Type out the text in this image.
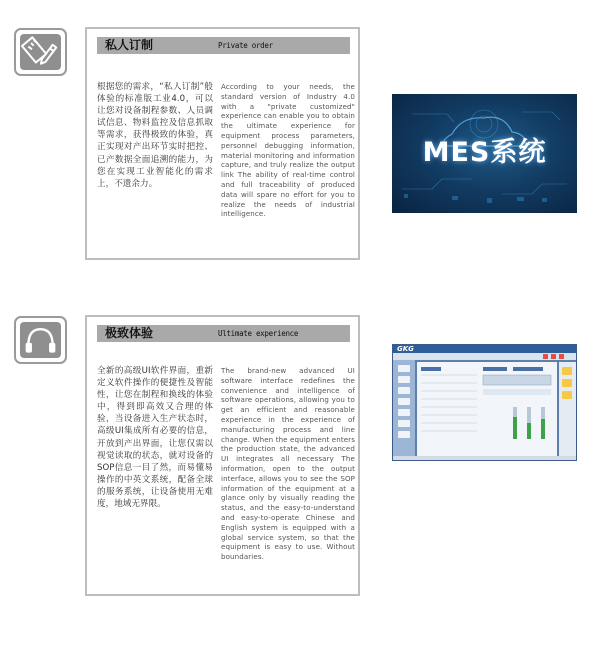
私人订制	Private order
根据您的需求，“私人订制”般体验的标准版工业4.0，可以让您对设备制程参数、人员调试信息、物料监控及信息抓取等需求，获得极致的体验，真正实现对产出环节实时把控、已产数据全面追溯的能力，为您在实现工业智能化的需求上，不遗余力。
According to your needs, the standard version of Industry 4.0 with a "private customized" experience can enable you to obtain the ultimate experience for equipment process parameters, personnel debugging information, material monitoring and information capture, and truly realize the output link The ability of real-time control and full traceability of produced data will spare no effort for you to realize the needs of industrial intelligence.
MES系统
极致体验	Ultimate experience
全新的高级UI软件界面，重新定义软件操作的便捷性及智能性，让您在制程和换线的体验中，得到即高效又合理的体验，当设备进入生产状态时，高级UI集成所有必要的信息，开放到产出界面，让您仅需以视觉读取的状态，就对设备的SOP信息一目了然，而易懂易操作的中英文系统，配备全球的服务系统，让设备使用无难度，地域无界限。
The brand-new advanced UI software interface redefines the convenience and intelligence of software operations, allowing you to get an efficient and reasonable experience in the experience of manufacturing process and line change. When the equipment enters the production state, the advanced UI integrates all necessary The information, open to the output interface, allows you to see the SOP information of the equipment at a glance only by visually reading the status, and the easy-to-understand and easy-to-operate Chinese and English system is equipped with a global service system, so that the equipment is easy to use. Without boundaries.
GKG
